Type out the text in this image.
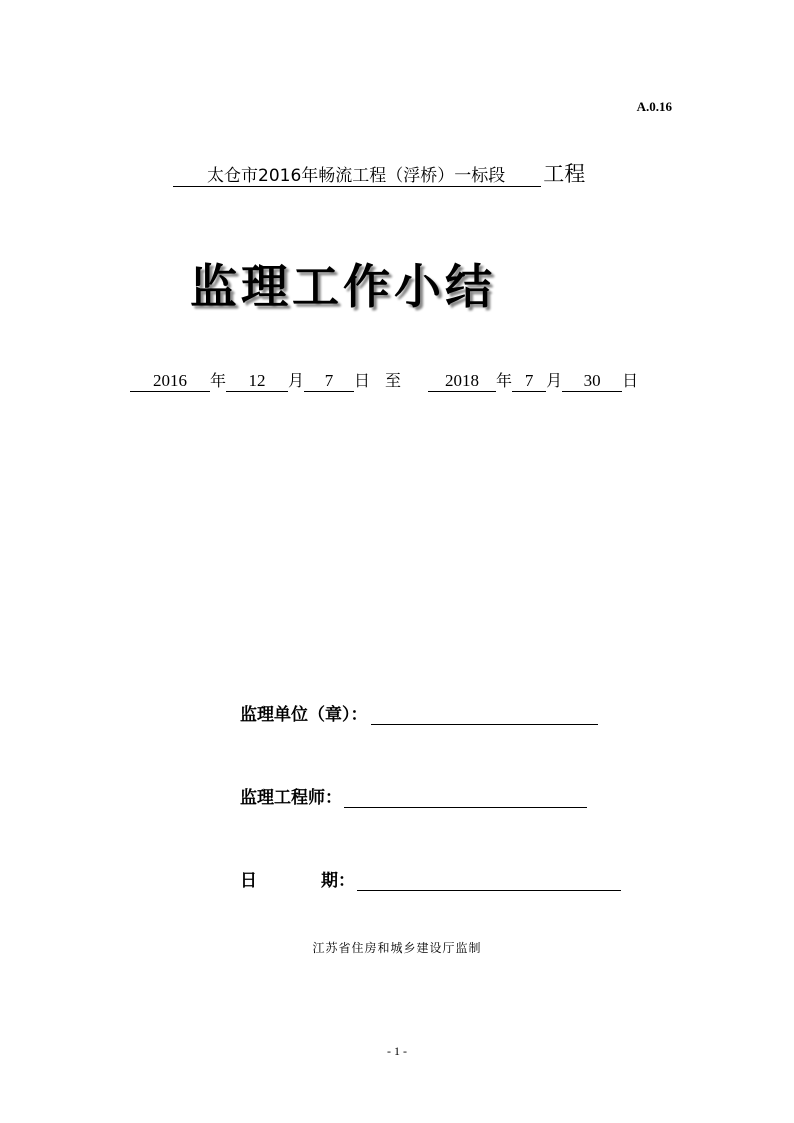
A.0.16
太仓市2016年畅流工程（浮桥）一标段 工程
监理工作小结
2016 年 12 月 7 日 至	2018 年 7 月 30 日
监理单位（章）：
监理工程师：
日	期：
江苏省住房和城乡建设厅监制
- 1 -
